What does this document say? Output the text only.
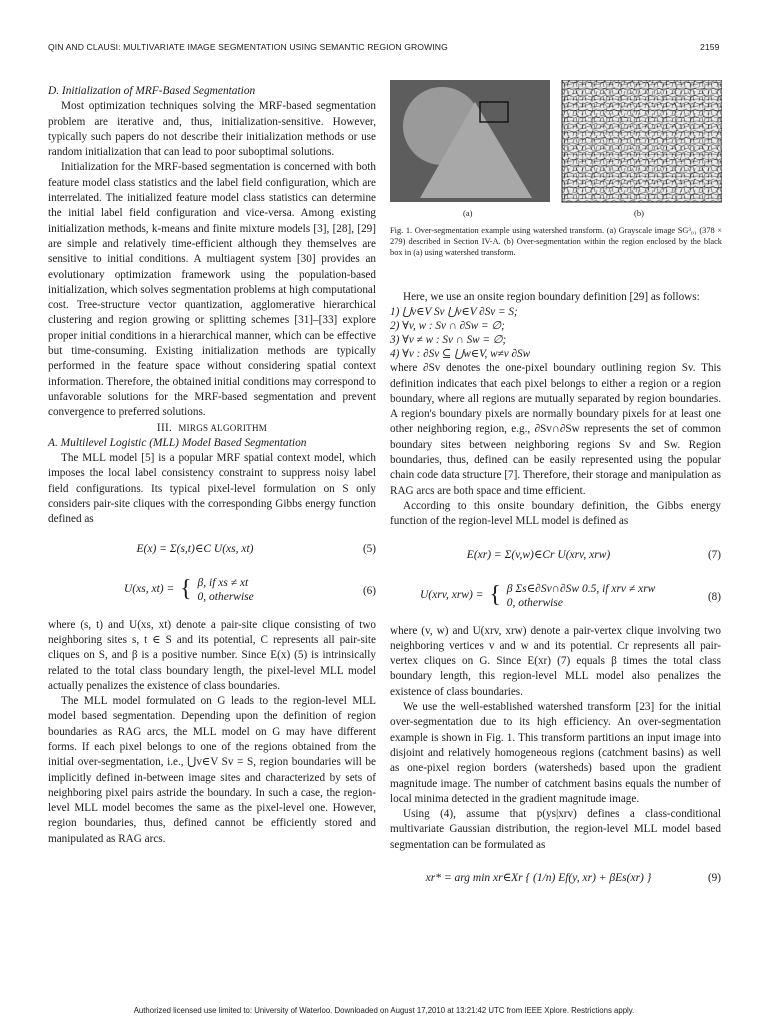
QIN AND CLAUSI: MULTIVARIATE IMAGE SEGMENTATION USING SEMANTIC REGION GROWING	2159

D. Initialization of MRF-Based Segmentation

Most optimization techniques solving the MRF-based segmentation problem are iterative and, thus, initialization-sensitive. However, typically such papers do not describe their initialization methods or use random initialization that can lead to poor suboptimal solutions.

Initialization for the MRF-based segmentation is concerned with both feature model class statistics and the label field configuration, which are interrelated. The initialized feature model class statistics can determine the initial label field configuration and vice-versa. Among existing initialization methods, k-means and finite mixture models [3], [28], [29] are simple and relatively time-efficient although they themselves are sensitive to initial conditions. A multiagent system [30] provides an evolutionary optimization framework using the population-based initialization, which solves segmentation problems at high computational cost. Tree-structure vector quantization, agglomerative hierarchical clustering and region growing or splitting schemes [31]–[33] explore proper initial conditions in a hierarchical manner, which can be effective but time-consuming. Existing initialization methods are typically performed in the feature space without considering spatial context information. Therefore, the obtained initial conditions may correspond to unfavorable solutions for the MRF-based segmentation and prevent convergence to preferred solutions.

III. MIRGS ALGORITHM

A. Multilevel Logistic (MLL) Model Based Segmentation

The MLL model [5] is a popular MRF spatial context model, which imposes the local label consistency constraint to suppress noisy label field configurations. Its typical pixel-level formulation on S only considers pair-site cliques with the corresponding Gibbs energy function defined as

E(x) = Σ(s,t)∈C U(xs, xt)	(5)
U(xs, xt) = { β, if xs ≠ xt
0, otherwise	(6)

where (s, t) and U(xs, xt) denote a pair-site clique consisting of two neighboring sites s, t ∈ S and its potential, C represents all pair-site cliques on S, and β is a positive number. Since E(x) (5) is intrinsically related to the total class boundary length, the pixel-level MLL model actually penalizes the existence of class boundaries.

The MLL model formulated on G leads to the region-level MLL model based segmentation. Depending upon the definition of region boundaries as RAG arcs, the MLL model on G may have different forms. If each pixel belongs to one of the regions obtained from the initial over-segmentation, i.e., ⋃v∈V Sv = S, region boundaries will be implicitly defined in-between image sites and characterized by sets of neighboring pixel pairs astride the boundary. In such a case, the region-level MLL model becomes the same as the pixel-level one. However, region boundaries, thus, defined cannot be efficiently stored and manipulated as RAG arcs.

(a)	(b)
Fig. 1. Over-segmentation example using watershed transform. (a) Grayscale image SG³₀₁ (378 × 279) described in Section IV-A. (b) Over-segmentation within the region enclosed by the black box in (a) using watershed transform.

Here, we use an onsite region boundary definition [29] as follows:

1) ⋃v∈V Sv ⋃v∈V ∂Sv = S;

2) ∀v, w : Sv ∩ ∂Sw = ∅;

3) ∀v ≠ w : Sv ∩ Sw = ∅;

4) ∀v : ∂Sv ⊆ ⋃w∈V, w≠v ∂Sw

where ∂Sv denotes the one-pixel boundary outlining region Sv. This definition indicates that each pixel belongs to either a region or a region boundary, where all regions are mutually separated by region boundaries. A region's boundary pixels are normally boundary pixels for at least one other neighboring region, e.g., ∂Sv∩∂Sw represents the set of common boundary sites between neighboring regions Sv and Sw. Region boundaries, thus, defined can be easily represented using the popular chain code data structure [7]. Therefore, their storage and manipulation as RAG arcs are both space and time efficient.

According to this onsite boundary definition, the Gibbs energy function of the region-level MLL model is defined as

E(xr) = Σ(v,w)∈Cr U(xrv, xrw)	(7)
U(xrv, xrw) = { β Σs∈∂Sv∩∂Sw 0.5, if xrv ≠ xrw
0, otherwise	(8)

where (v, w) and U(xrv, xrw) denote a pair-vertex clique involving two neighboring vertices v and w and its potential. Cr represents all pair-vertex cliques on G. Since E(xr) (7) equals β times the total class boundary length, this region-level MLL model also penalizes the existence of class boundaries.

We use the well-established watershed transform [23] for the initial over-segmentation due to its high efficiency. An over-segmentation example is shown in Fig. 1. This transform partitions an input image into disjoint and relatively homogeneous regions (catchment basins) as well as one-pixel region borders (watersheds) based upon the gradient magnitude image. The number of catchment basins equals the number of local minima detected in the gradient magnitude image.

Using (4), assume that p(ys|xrv) defines a class-conditional multivariate Gaussian distribution, the region-level MLL model based segmentation can be formulated as

xr* = arg min xr∈Xr { (1/n) Ef(y, xr) + βEs(xr) }	(9)
Authorized licensed use limited to: University of Waterloo. Downloaded on August 17,2010 at 13:21:42 UTC from IEEE Xplore. Restrictions apply.
